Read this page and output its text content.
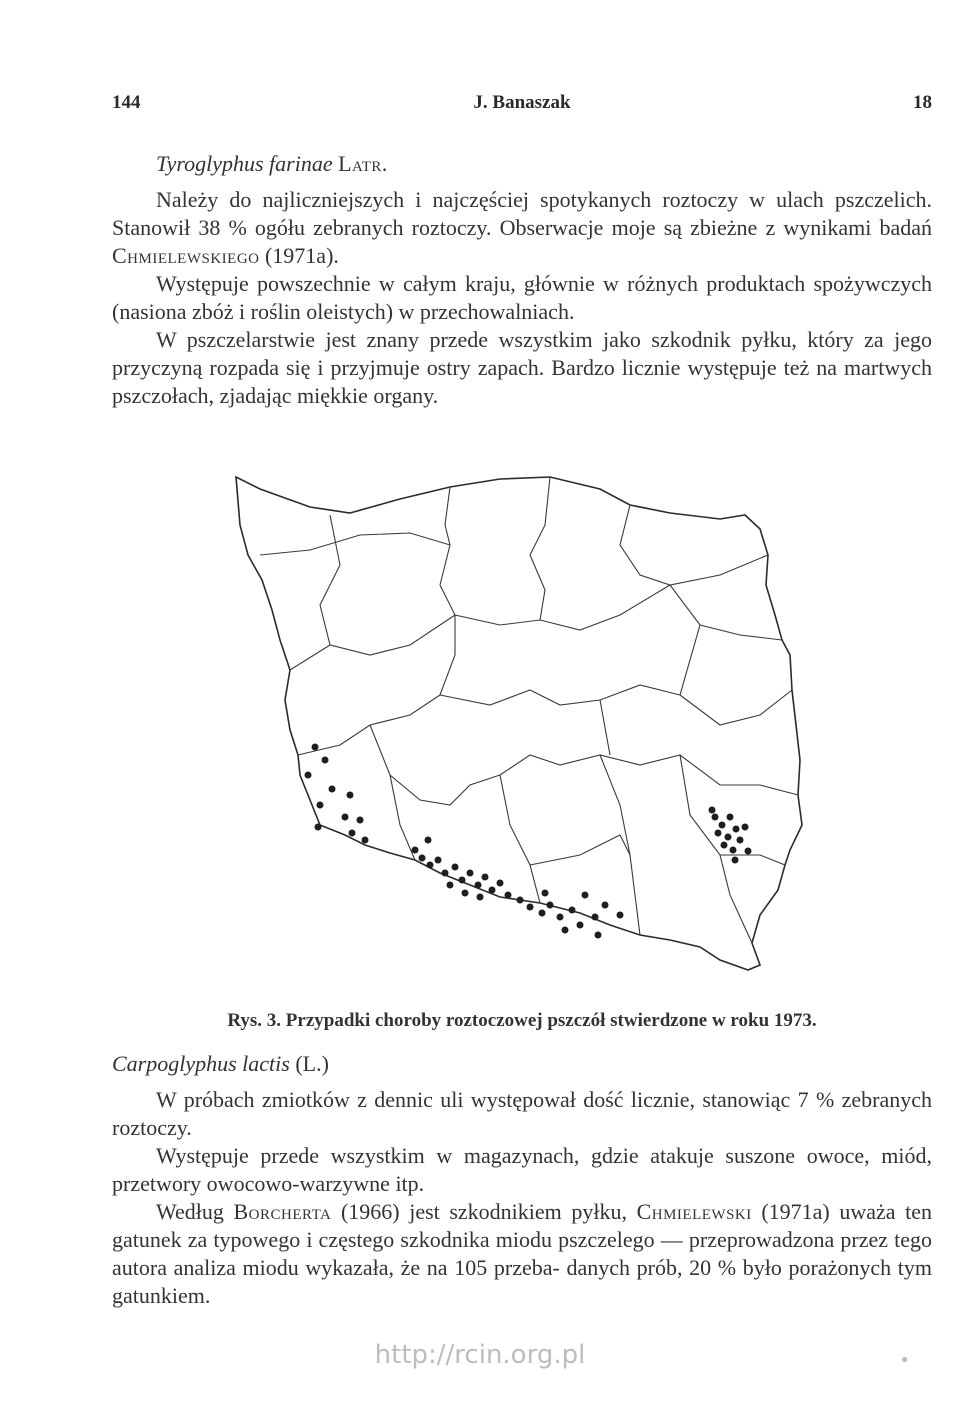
144	J. Banaszak	18

Tyroglyphus farinae Latr.

Należy do najliczniejszych i najczęściej spotykanych roztoczy w ulach pszczelich. Stanowił 38 % ogółu zebranych roztoczy. Obserwacje moje są zbieżne z wynikami badań Chmielewskiego (1971a).

Występuje powszechnie w całym kraju, głównie w różnych produktach spożywczych (nasiona zbóż i roślin oleistych) w przechowalniach.

W pszczelarstwie jest znany przede wszystkim jako szkodnik pyłku, który za jego przyczyną rozpada się i przyjmuje ostry zapach. Bardzo licznie występuje też na martwych pszczołach, zjadając miękkie organy.

Rys. 3. Przypadki choroby roztoczowej pszczół stwierdzone w roku 1973.

Carpoglyphus lactis (L.)

W próbach zmiotków z dennic uli występował dość licznie, stanowiąc 7 % zebranych roztoczy.

Występuje przede wszystkim w magazynach, gdzie atakuje suszone owoce, miód, przetwory owocowo-warzywne itp.

Według Borcherta (1966) jest szkodnikiem pyłku, Chmielewski (1971a) uważa ten gatunek za typowego i częstego szkodnika miodu pszczelego — przeprowadzona przez tego autora analiza miodu wykazała, że na 105 przeba- danych prób, 20 % było porażonych tym gatunkiem.

http://rcin.org.pl	•
